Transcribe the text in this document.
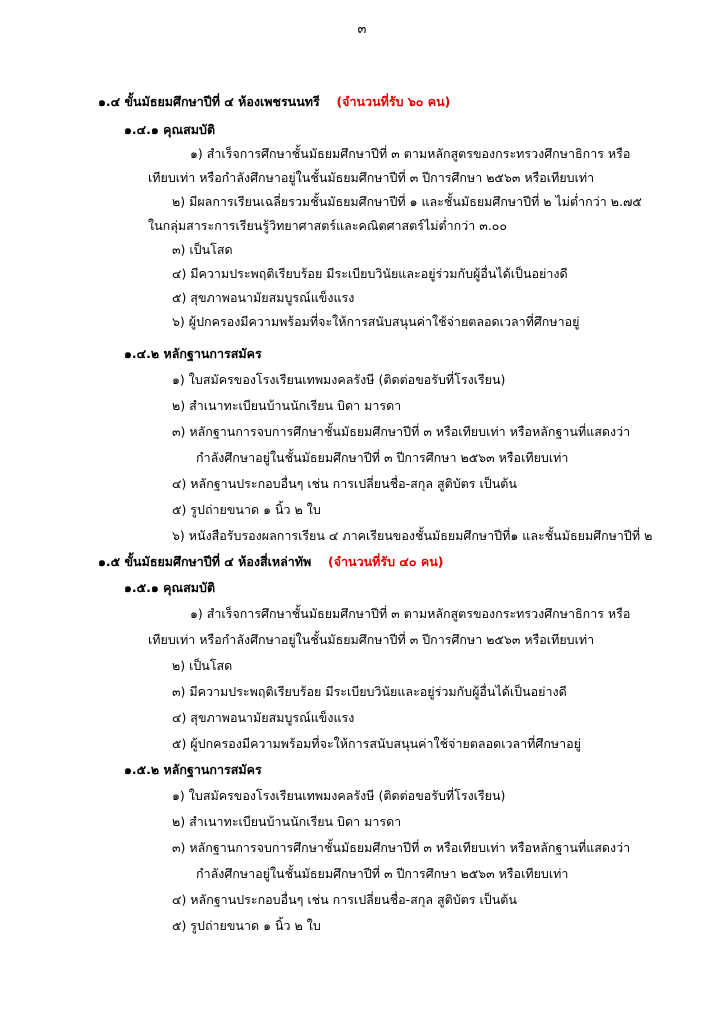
๓
๑.๔ ขั้นมัธยมศึกษาปีที่ ๔ ห้องเพชรนนทรี (จำนวนที่รับ ๖๐ คน)
๑.๔.๑ คุณสมบัติ
๑) สำเร็จการศึกษาชั้นมัธยมศึกษาปีที่ ๓ ตามหลักสูตรของกระทรวงศึกษาธิการ หรือ
เทียบเท่า หรือกำลังศึกษาอยู่ในชั้นมัธยมศึกษาปีที่ ๓ ปีการศึกษา ๒๕๖๓ หรือเทียบเท่า
๒) มีผลการเรียนเฉลี่ยรวมชั้นมัธยมศึกษาปีที่ ๑ และชั้นมัธยมศึกษาปีที่ ๒ ไม่ต่ำกว่า ๒.๗๕
ในกลุ่มสาระการเรียนรู้วิทยาศาสตร์และคณิตศาสตร์ไม่ต่ำกว่า ๓.๐๐
๓) เป็นโสด
๔) มีความประพฤติเรียบร้อย มีระเบียบวินัยและอยู่ร่วมกับผู้อื่นได้เป็นอย่างดี
๕) สุขภาพอนามัยสมบูรณ์แข็งแรง
๖) ผู้ปกครองมีความพร้อมที่จะให้การสนับสนุนค่าใช้จ่ายตลอดเวลาที่ศึกษาอยู่
๑.๔.๒ หลักฐานการสมัคร
๑) ใบสมัครของโรงเรียนเทพมงคลรังษี (ติดต่อขอรับที่โรงเรียน)
๒) สำเนาทะเบียนบ้านนักเรียน บิดา มารดา
๓) หลักฐานการจบการศึกษาชั้นมัธยมศึกษาปีที่ ๓ หรือเทียบเท่า หรือหลักฐานที่แสดงว่า
กำลังศึกษาอยู่ในชั้นมัธยมศึกษาปีที่ ๓ ปีการศึกษา ๒๕๖๓ หรือเทียบเท่า
๔) หลักฐานประกอบอื่นๆ เช่น การเปลี่ยนชื่อ-สกุล สูติบัตร เป็นต้น
๕) รูปถ่ายขนาด ๑ นิ้ว ๒ ใบ
๖) หนังสือรับรองผลการเรียน ๔ ภาคเรียนของชั้นมัธยมศึกษาปีที่๑ และชั้นมัธยมศึกษาปีที่ ๒
๑.๕ ขั้นมัธยมศึกษาปีที่ ๔ ห้องสี่เหล่าทัพ (จำนวนที่รับ ๔๐ คน)
๑.๕.๑ คุณสมบัติ
๑) สำเร็จการศึกษาชั้นมัธยมศึกษาปีที่ ๓ ตามหลักสูตรของกระทรวงศึกษาธิการ หรือ
เทียบเท่า หรือกำลังศึกษาอยู่ในชั้นมัธยมศึกษาปีที่ ๓ ปีการศึกษา ๒๕๖๓ หรือเทียบเท่า
๒) เป็นโสด
๓) มีความประพฤติเรียบร้อย มีระเบียบวินัยและอยู่ร่วมกับผู้อื่นได้เป็นอย่างดี
๔) สุขภาพอนามัยสมบูรณ์แข็งแรง
๕) ผู้ปกครองมีความพร้อมที่จะให้การสนับสนุนค่าใช้จ่ายตลอดเวลาที่ศึกษาอยู่
๑.๕.๒ หลักฐานการสมัคร
๑) ใบสมัครของโรงเรียนเทพมงคลรังษี (ติดต่อขอรับที่โรงเรียน)
๒) สำเนาทะเบียนบ้านนักเรียน บิดา มารดา
๓) หลักฐานการจบการศึกษาชั้นมัธยมศึกษาปีที่ ๓ หรือเทียบเท่า หรือหลักฐานที่แสดงว่า
กำลังศึกษาอยู่ในชั้นมัธยมศึกษาปีที่ ๓ ปีการศึกษา ๒๕๖๓ หรือเทียบเท่า
๔) หลักฐานประกอบอื่นๆ เช่น การเปลี่ยนชื่อ-สกุล สูติบัตร เป็นต้น
๕) รูปถ่ายขนาด ๑ นิ้ว ๒ ใบ
